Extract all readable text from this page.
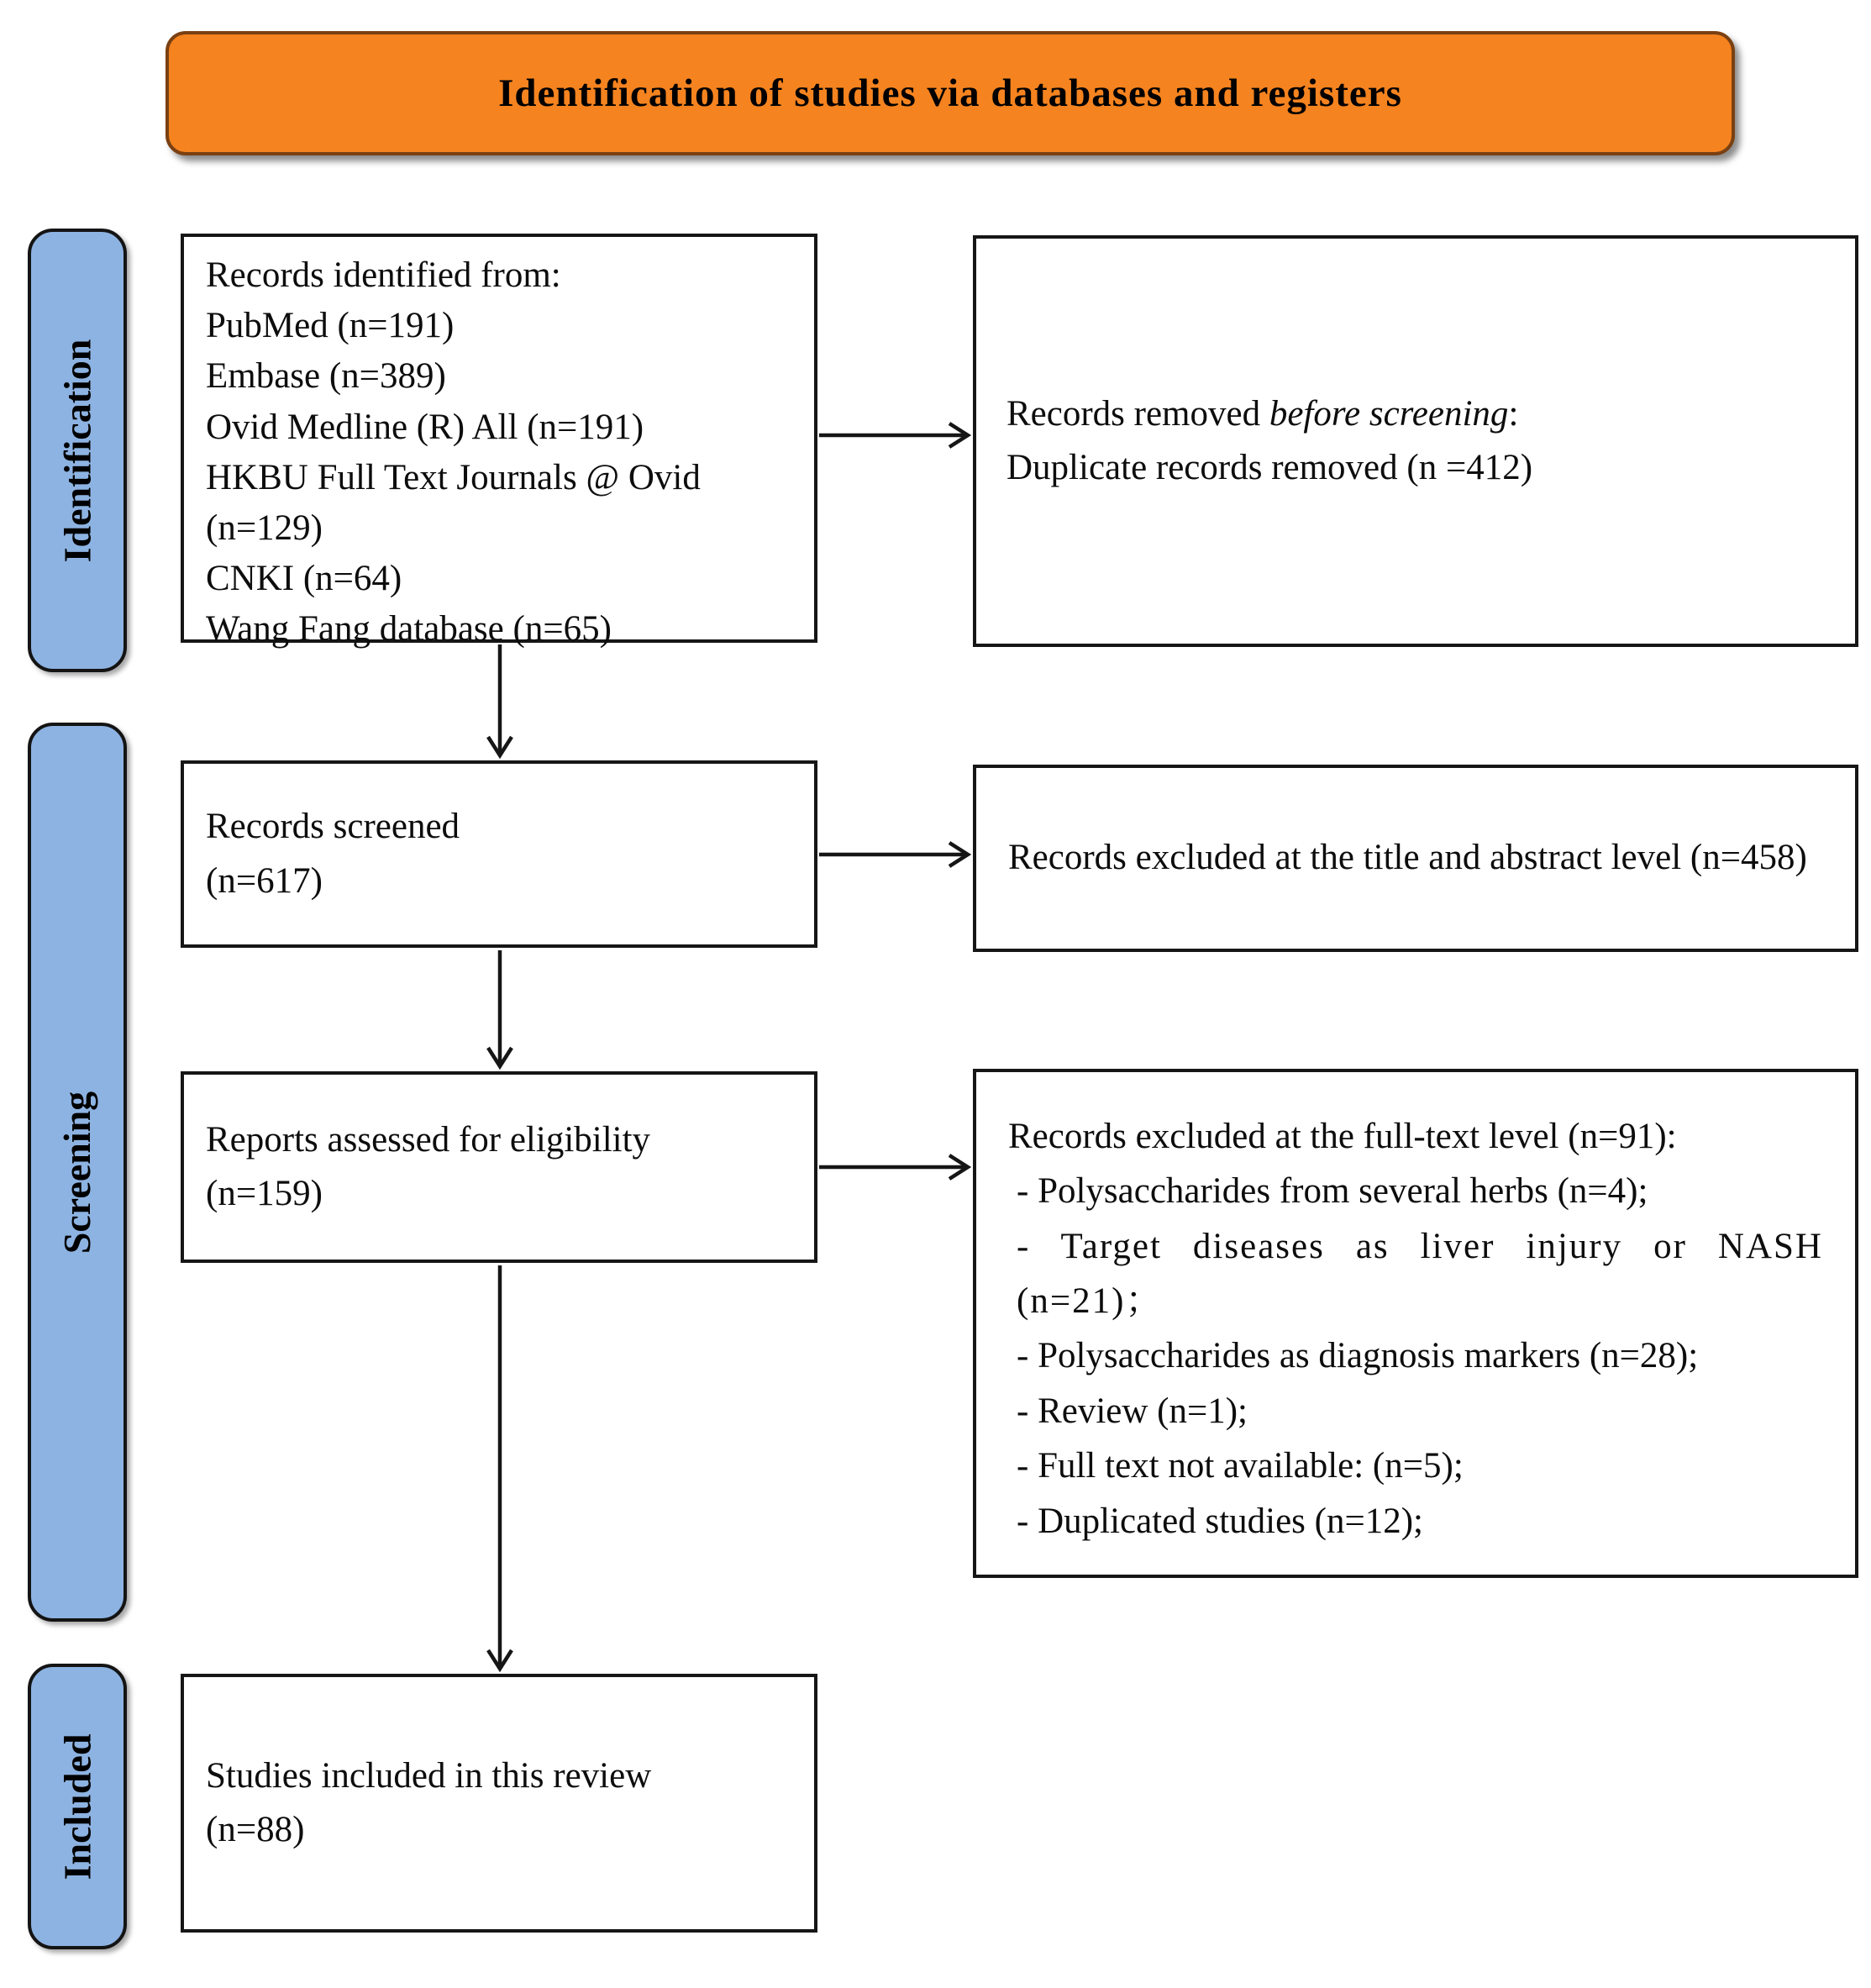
Identification of studies via databases and registers
Identification
Screening
Included
Records identified from:
PubMed (n=191)
Embase (n=389)
Ovid Medline (R) All (n=191)
HKBU Full Text Journals @ Ovid (n=129)
CNKI (n=64)
Wang Fang database (n=65)
Records removed before screening:
Duplicate records removed (n =412)
Records screened
(n=617)
Records excluded at the title and abstract level (n=458)
Reports assessed for eligibility
(n=159)
Records excluded at the full-text level (n=91):
- Polysaccharides from several herbs (n=4);
- Target diseases as liver injury or NASH (n=21)；
- Polysaccharides as diagnosis markers (n=28);
- Review (n=1);
- Full text not available: (n=5);
- Duplicated studies (n=12);
Studies included in this review
(n=88)
